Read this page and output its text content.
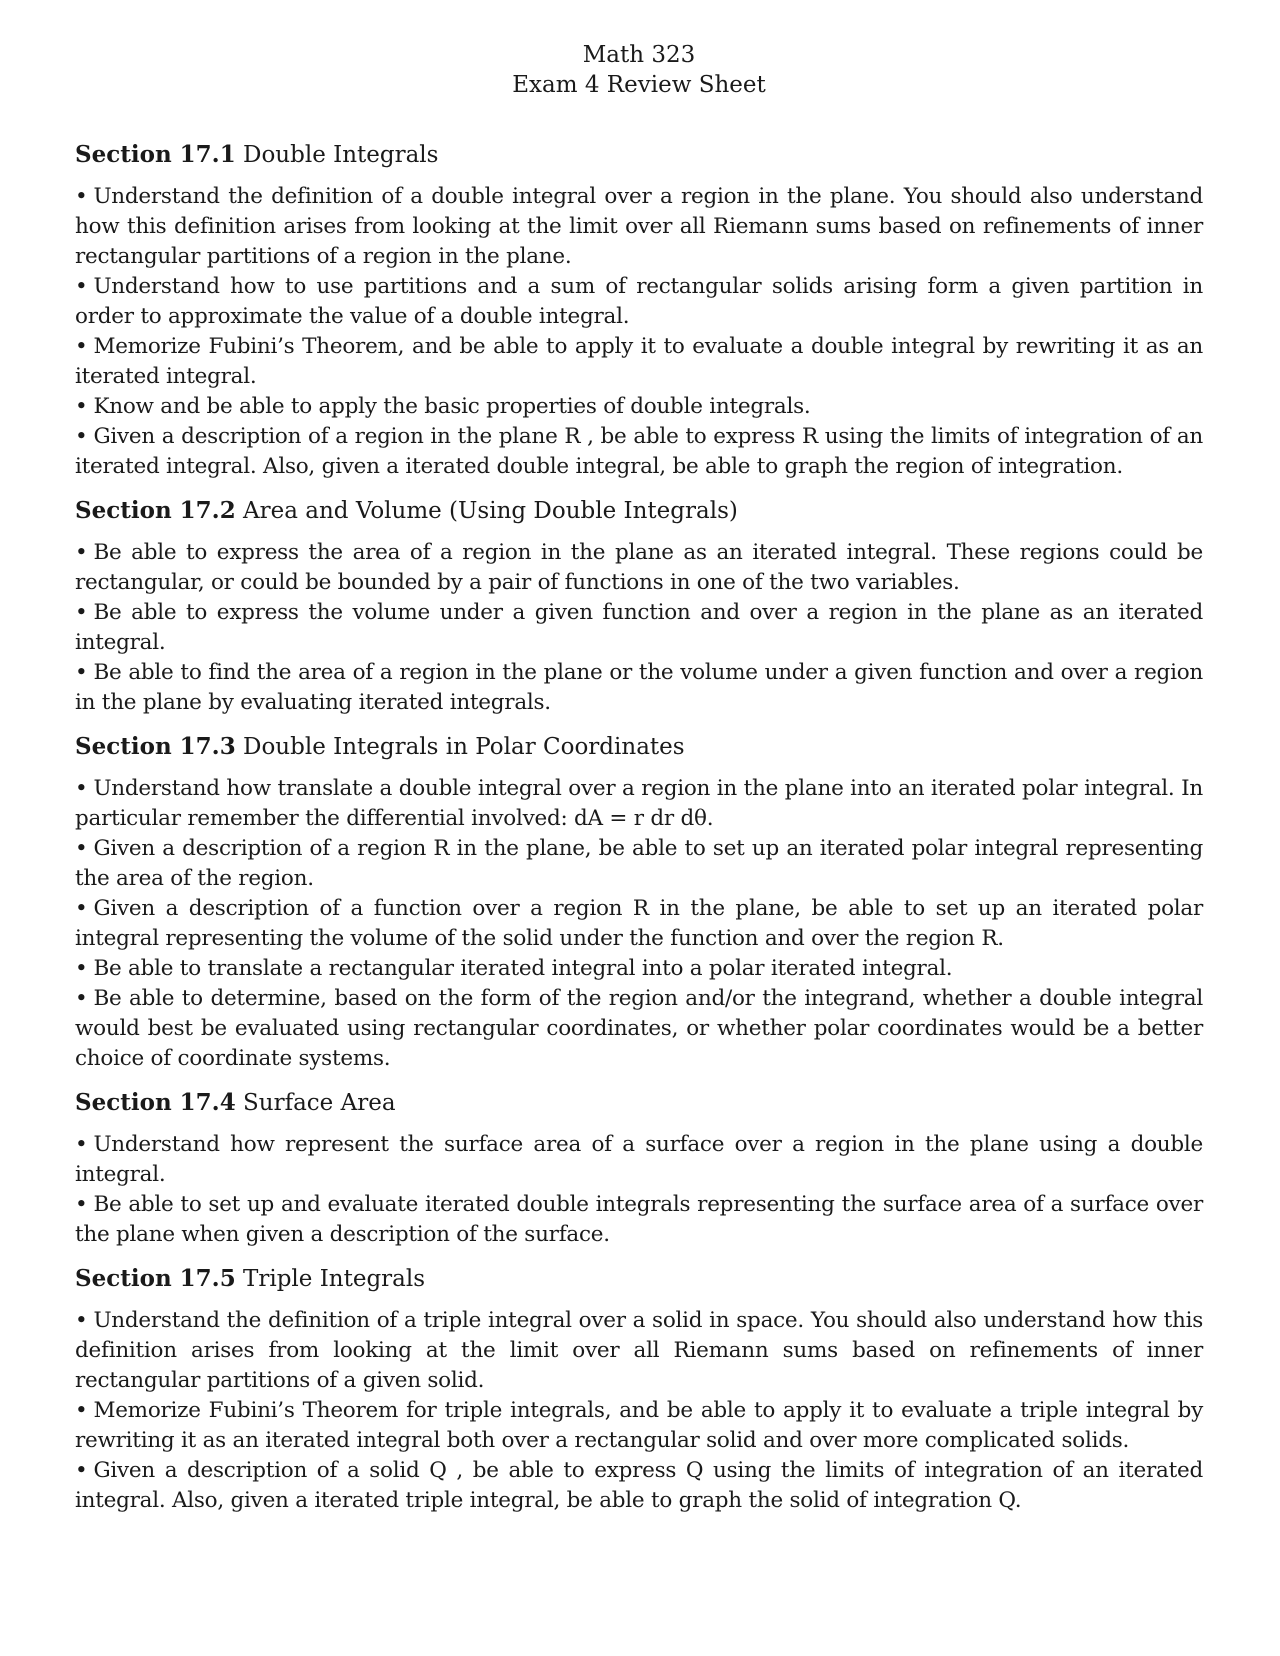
Math 323
Exam 4 Review Sheet
Section 17.1 Double Integrals

• Understand the definition of a double integral over a region in the plane. You should also understand how this definition arises from looking at the limit over all Riemann sums based on refinements of inner rectangular partitions of a region in the plane.

• Understand how to use partitions and a sum of rectangular solids arising form a given partition in order to approximate the value of a double integral.

• Memorize Fubini’s Theorem, and be able to apply it to evaluate a double integral by rewriting it as an iterated integral.

• Know and be able to apply the basic properties of double integrals.

• Given a description of a region in the plane R , be able to express R using the limits of integration of an iterated integral. Also, given a iterated double integral, be able to graph the region of integration.

Section 17.2 Area and Volume (Using Double Integrals)

• Be able to express the area of a region in the plane as an iterated integral. These regions could be rectangular, or could be bounded by a pair of functions in one of the two variables.

• Be able to express the volume under a given function and over a region in the plane as an iterated integral.

• Be able to find the area of a region in the plane or the volume under a given function and over a region in the plane by evaluating iterated integrals.

Section 17.3 Double Integrals in Polar Coordinates

• Understand how translate a double integral over a region in the plane into an iterated polar integral. In particular remember the differential involved: dA = r dr dθ.

• Given a description of a region R in the plane, be able to set up an iterated polar integral representing the area of the region.

• Given a description of a function over a region R in the plane, be able to set up an iterated polar integral representing the volume of the solid under the function and over the region R.

• Be able to translate a rectangular iterated integral into a polar iterated integral.

• Be able to determine, based on the form of the region and/or the integrand, whether a double integral would best be evaluated using rectangular coordinates, or whether polar coordinates would be a better choice of coordinate systems.

Section 17.4 Surface Area

• Understand how represent the surface area of a surface over a region in the plane using a double integral.

• Be able to set up and evaluate iterated double integrals representing the surface area of a surface over the plane when given a description of the surface.

Section 17.5 Triple Integrals

• Understand the definition of a triple integral over a solid in space. You should also understand how this definition arises from looking at the limit over all Riemann sums based on refinements of inner rectangular partitions of a given solid.

• Memorize Fubini’s Theorem for triple integrals, and be able to apply it to evaluate a triple integral by rewriting it as an iterated integral both over a rectangular solid and over more complicated solids.

• Given a description of a solid Q , be able to express Q using the limits of integration of an iterated integral. Also, given a iterated triple integral, be able to graph the solid of integration Q.
